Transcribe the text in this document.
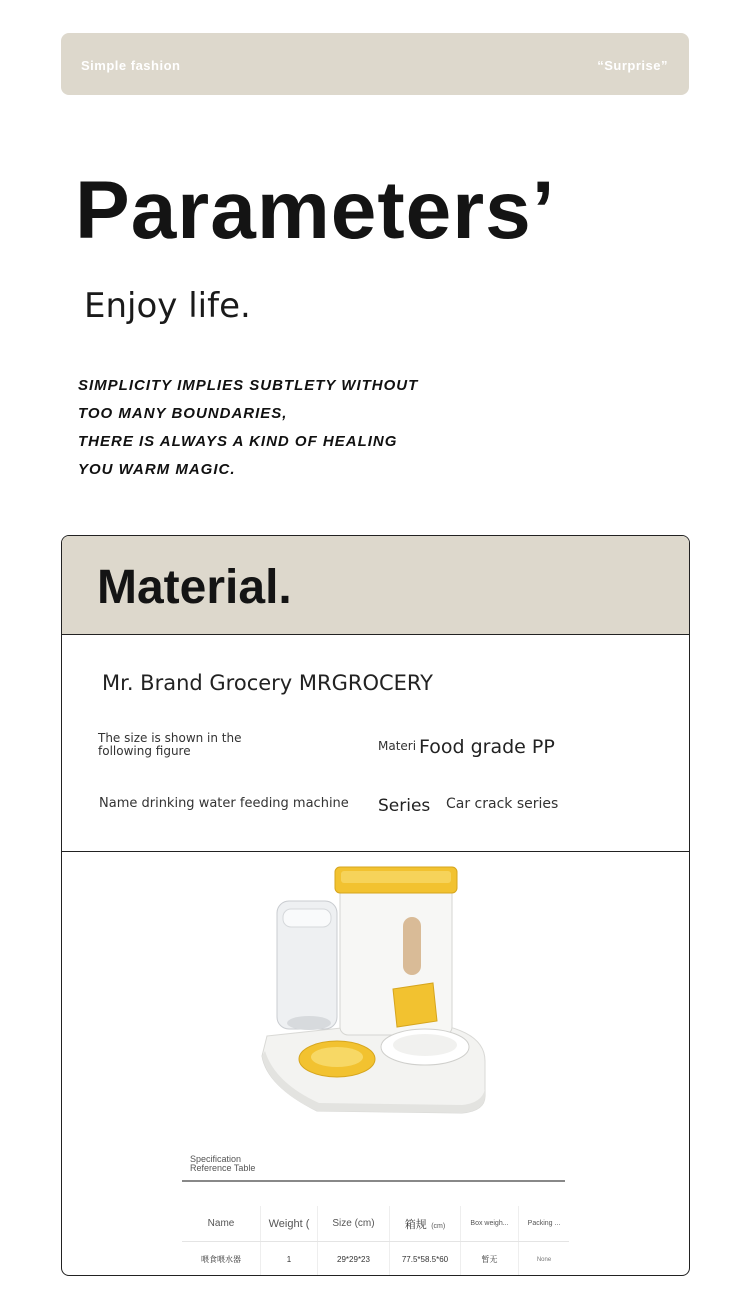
Simple fashion	“Surprise”
Parameters’
Enjoy life.
SIMPLICITY IMPLIES SUBTLETY WITHOUT
TOO MANY BOUNDARIES,
THERE IS ALWAYS A KIND OF HEALING
YOU WARM MAGIC.
Material.
Mr. Brand Grocery MRGROCERY
The size is shown in the following figure	Materi Food grade PP
Name drinking water feeding machine Series Car crack series
Specification
Reference Table
Name	Weight (	Size (cm)	箱规 (cm)	Box weigh...	Packing ...
喂食喂水器	1	29*29*23	77.5*58.5*60	暂无	None
